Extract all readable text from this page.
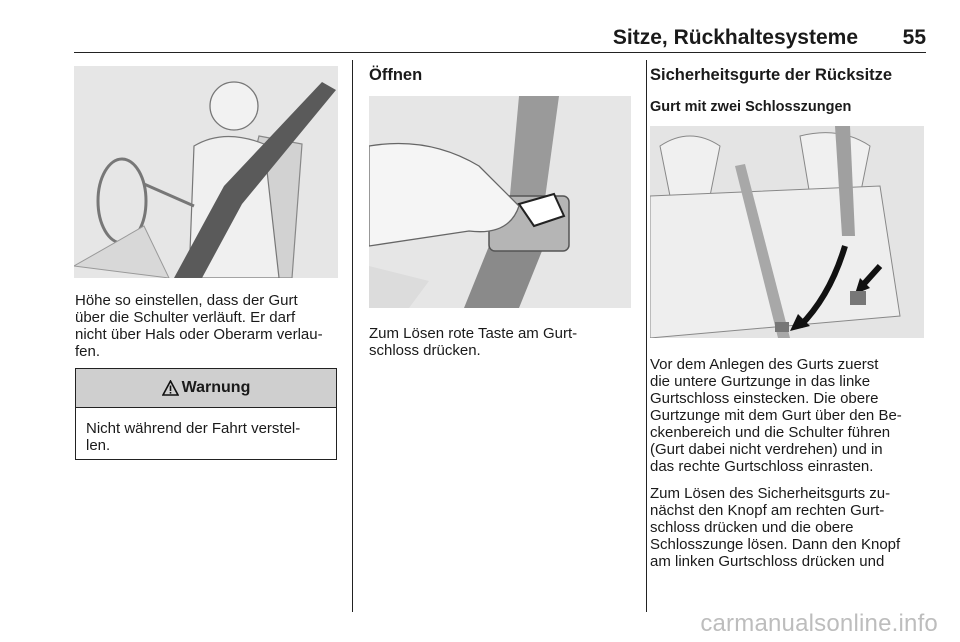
Sitze, Rückhaltesysteme 55

Höhe so einstellen, dass der Gurt
über die Schulter verläuft. Er darf
nicht über Hals oder Oberarm verlau-
fen.

Warnung

Nicht während der Fahrt verstel-
len.

Öffnen

Zum Lösen rote Taste am Gurt-
schloss drücken.

Sicherheitsgurte der Rücksitze

Gurt mit zwei Schlosszungen

Vor dem Anlegen des Gurts zuerst
die untere Gurtzunge in das linke
Gurtschloss einstecken. Die obere
Gurtzunge mit dem Gurt über den Be-
ckenbereich und die Schulter führen
(Gurt dabei nicht verdrehen) und in
das rechte Gurtschloss einrasten.

Zum Lösen des Sicherheitsgurts zu-
nächst den Knopf am rechten Gurt-
schloss drücken und die obere
Schlosszunge lösen. Dann den Knopf
am linken Gurtschloss drücken und

carmanualsonline.info
